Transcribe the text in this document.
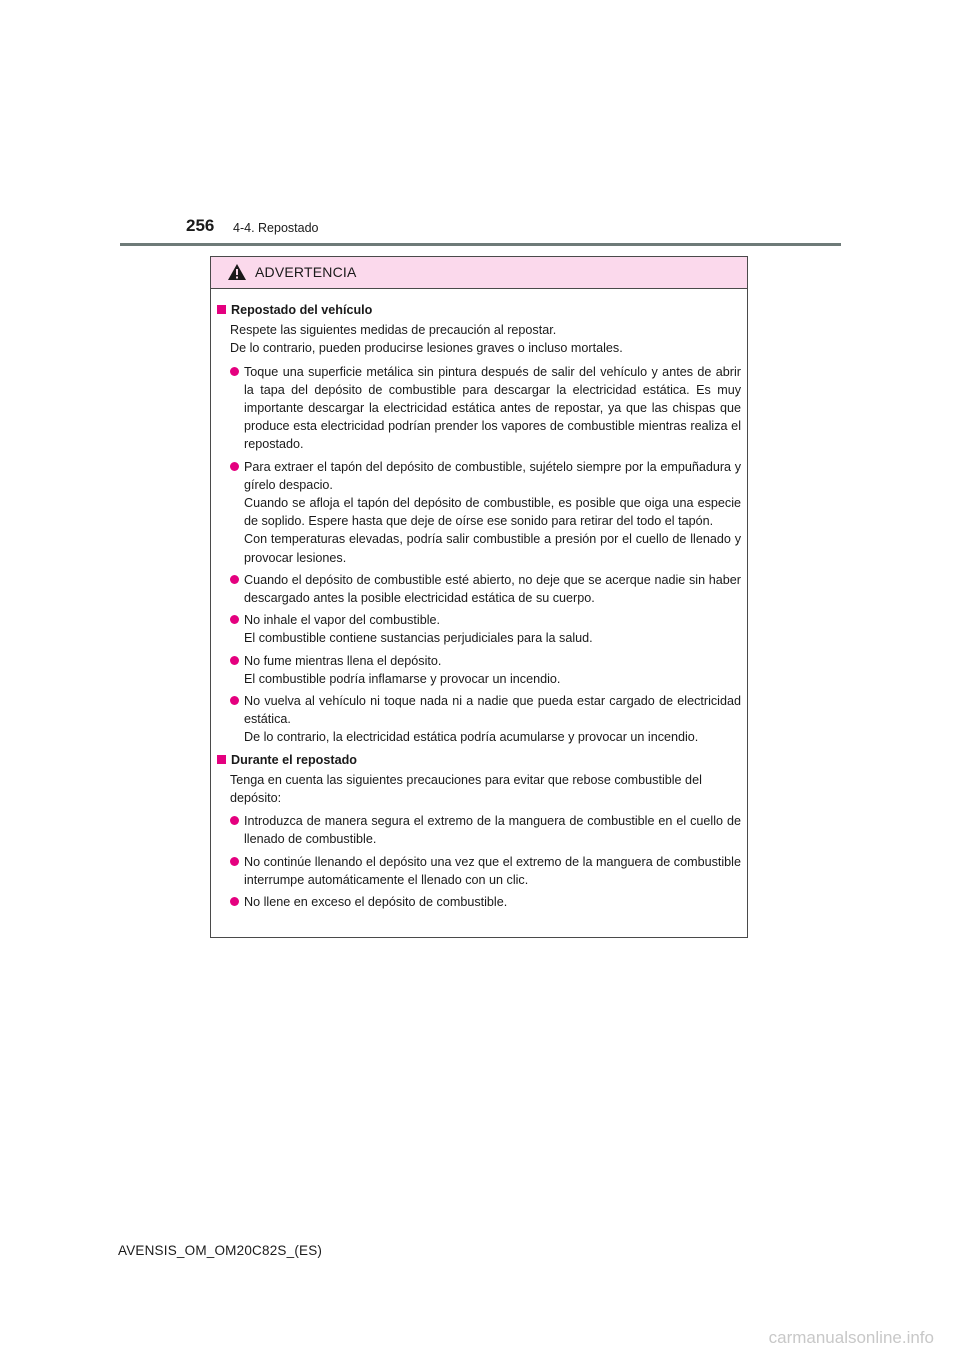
256 4-4. Repostado
ADVERTENCIA
Repostado del vehículo
Respete las siguientes medidas de precaución al repostar.
De lo contrario, pueden producirse lesiones graves o incluso mortales.
Toque una superficie metálica sin pintura después de salir del vehículo y antes de abrir la tapa del depósito de combustible para descargar la electricidad estática. Es muy importante descargar la electricidad estática antes de repostar, ya que las chispas que produce esta electricidad podrían prender los vapores de combustible mientras realiza el repostado.
Para extraer el tapón del depósito de combustible, sujételo siempre por la empuñadura y gírelo despacio.
Cuando se afloja el tapón del depósito de combustible, es posible que oiga una especie de soplido. Espere hasta que deje de oírse ese sonido para retirar del todo el tapón.
Con temperaturas elevadas, podría salir combustible a presión por el cuello de llenado y provocar lesiones.
Cuando el depósito de combustible esté abierto, no deje que se acerque nadie sin haber descargado antes la posible electricidad estática de su cuerpo.
No inhale el vapor del combustible.
El combustible contiene sustancias perjudiciales para la salud.
No fume mientras llena el depósito.
El combustible podría inflamarse y provocar un incendio.
No vuelva al vehículo ni toque nada ni a nadie que pueda estar cargado de electricidad estática.
De lo contrario, la electricidad estática podría acumularse y provocar un incendio.
Durante el repostado
Tenga en cuenta las siguientes precauciones para evitar que rebose combustible del depósito:
Introduzca de manera segura el extremo de la manguera de combustible en el cuello de llenado de combustible.
No continúe llenando el depósito una vez que el extremo de la manguera de combustible interrumpe automáticamente el llenado con un clic.
No llene en exceso el depósito de combustible.
AVENSIS_OM_OM20C82S_(ES)
carmanualsonline.info
